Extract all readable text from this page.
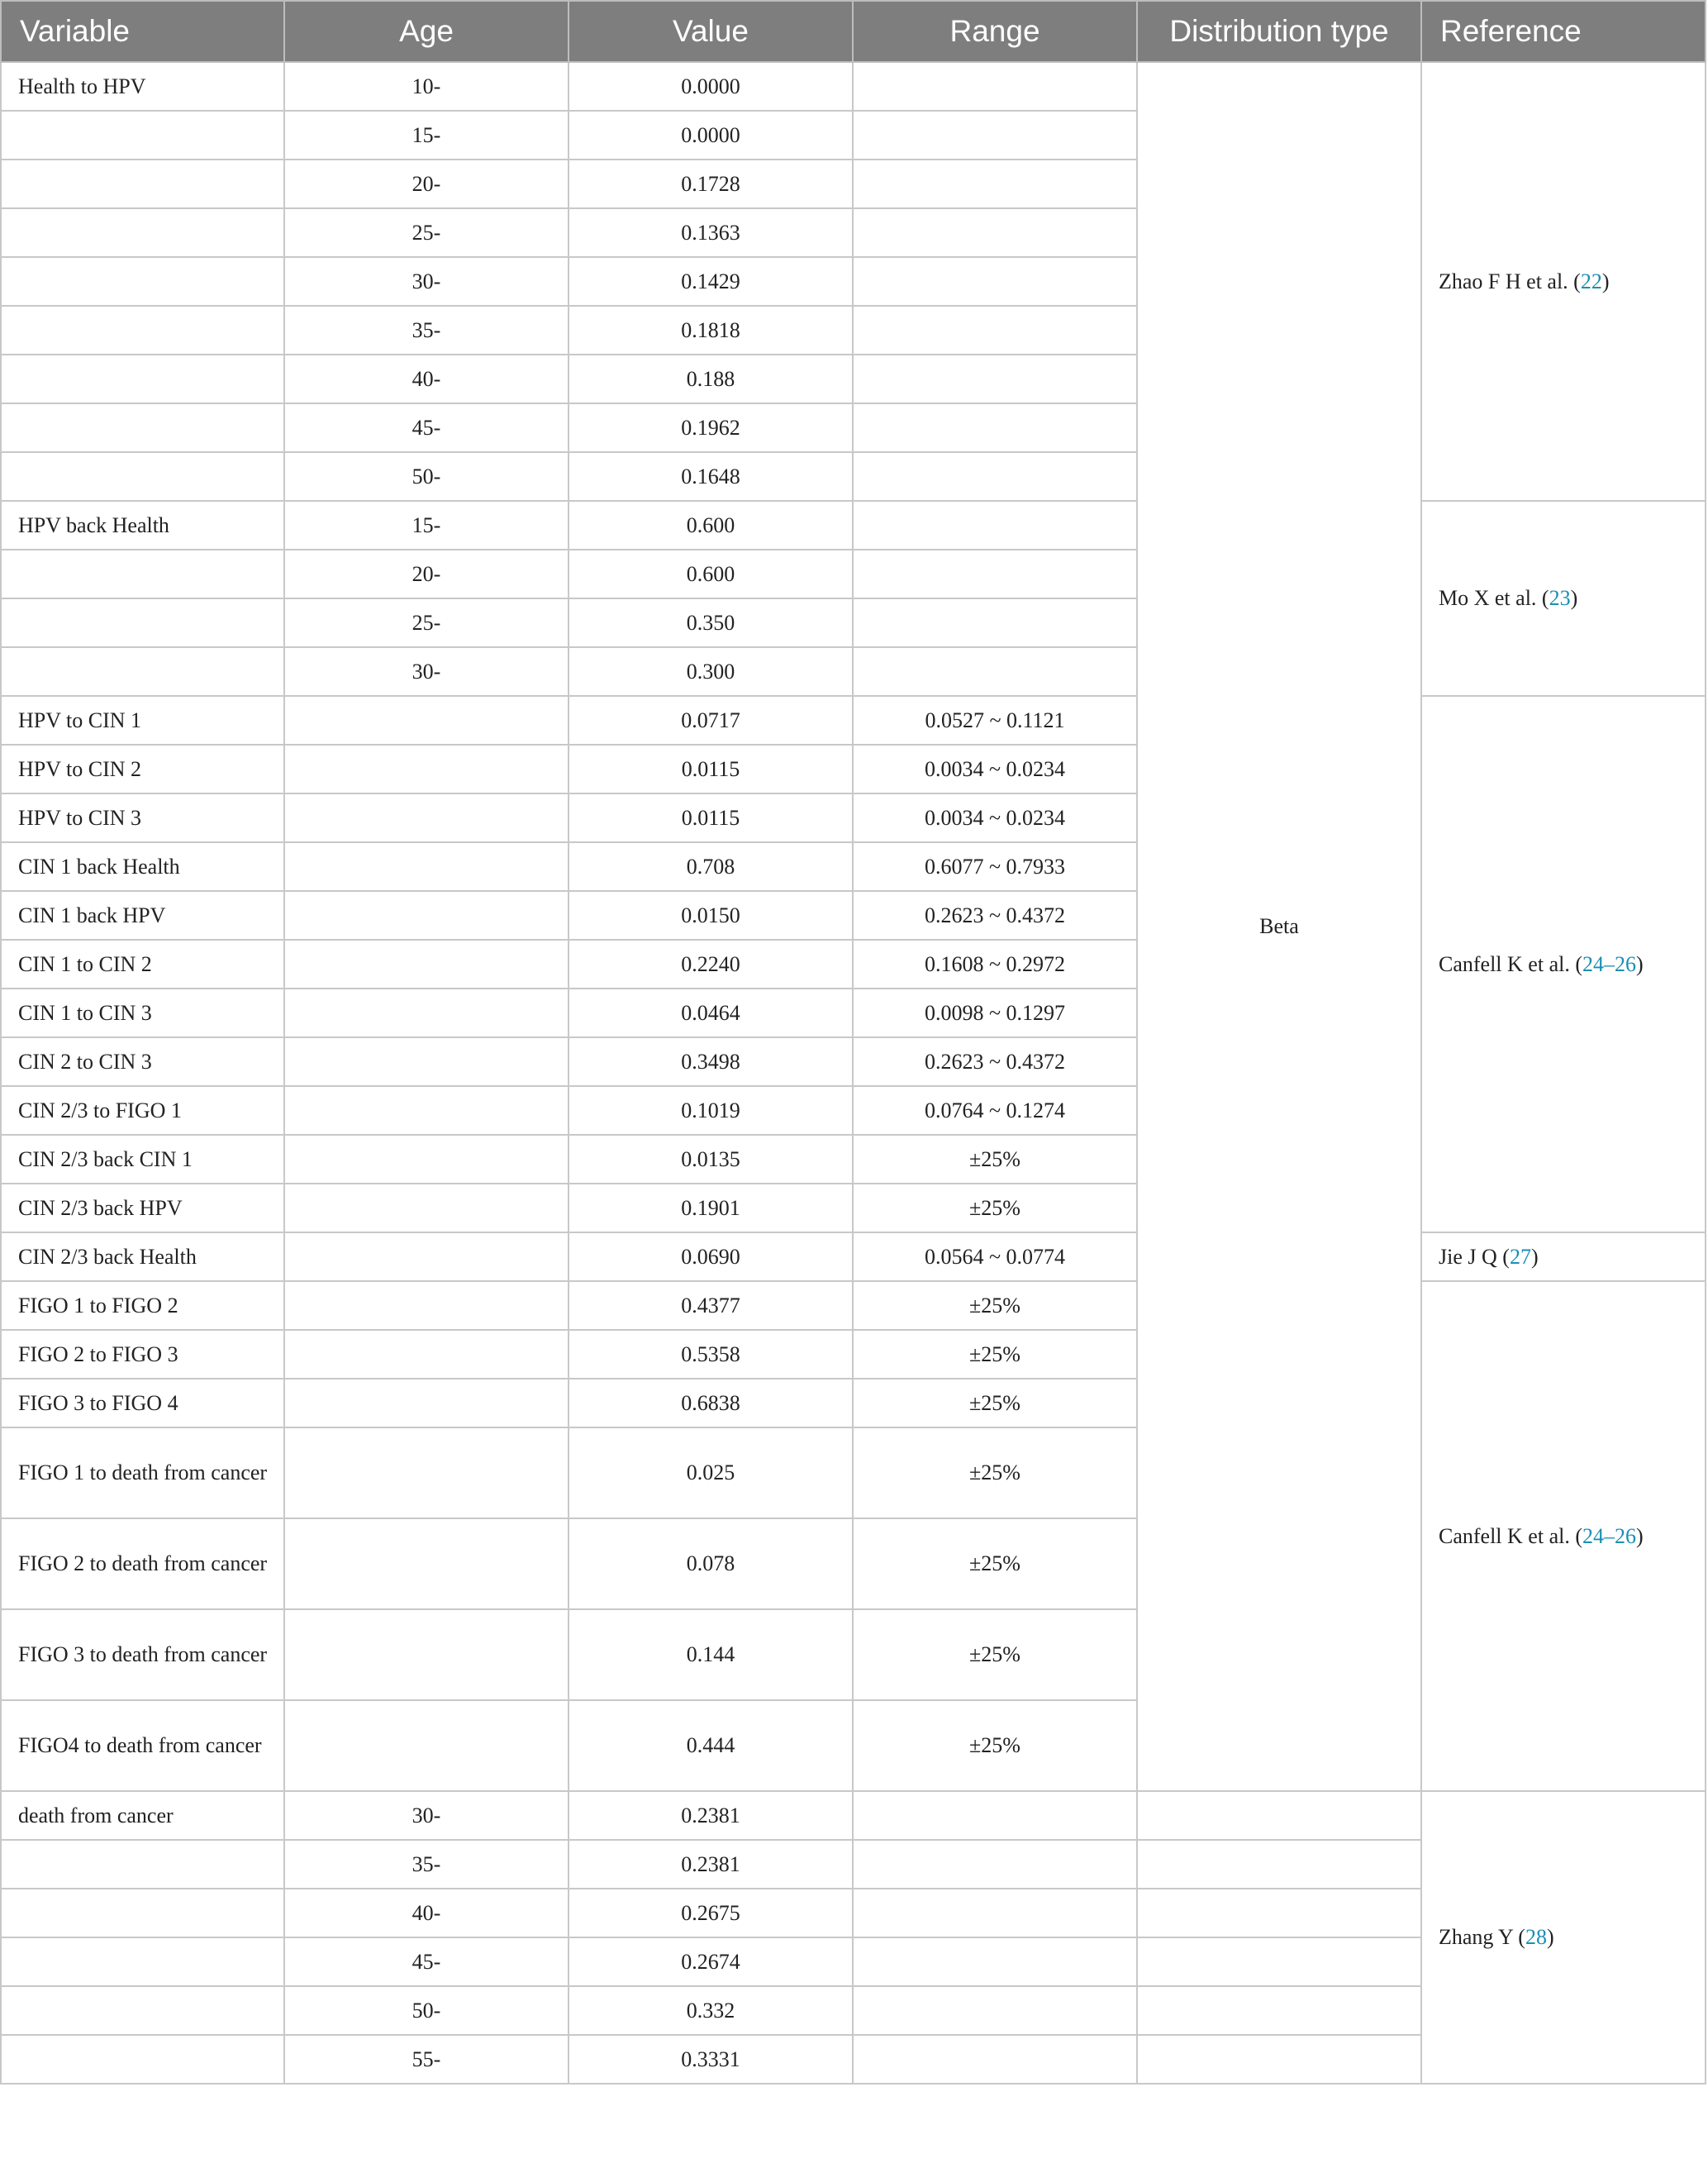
Variable	Age	Value	Range	Distribution type	Reference
Health to HPV	10-	0.0000		Beta	Zhao F H et al. (22)
	15-	0.0000			
	20-	0.1728			
	25-	0.1363			
	30-	0.1429			
	35-	0.1818			
	40-	0.188			
	45-	0.1962			
	50-	0.1648			
HPV back Health	15-	0.600			Mo X et al. (23)
	20-	0.600			
	25-	0.350			
	30-	0.300			
HPV to CIN 1		0.0717	0.0527 ~ 0.1121		Canfell K et al. (24–26)
HPV to CIN 2		0.0115	0.0034 ~ 0.0234		
HPV to CIN 3		0.0115	0.0034 ~ 0.0234		
CIN 1 back Health		0.708	0.6077 ~ 0.7933		
CIN 1 back HPV		0.0150	0.2623 ~ 0.4372		
CIN 1 to CIN 2		0.2240	0.1608 ~ 0.2972		
CIN 1 to CIN 3		0.0464	0.0098 ~ 0.1297		
CIN 2 to CIN 3		0.3498	0.2623 ~ 0.4372		
CIN 2/3 to FIGO 1		0.1019	0.0764 ~ 0.1274		
CIN 2/3 back CIN 1		0.0135	±25%		
CIN 2/3 back HPV		0.1901	±25%		
CIN 2/3 back Health		0.0690	0.0564 ~ 0.0774		Jie J Q (27)
FIGO 1 to FIGO 2		0.4377	±25%		Canfell K et al. (24–26)
FIGO 2 to FIGO 3		0.5358	±25%		
FIGO 3 to FIGO 4		0.6838	±25%		
FIGO 1 to death from cancer		0.025	±25%		
FIGO 2 to death from cancer		0.078	±25%		
FIGO 3 to death from cancer		0.144	±25%		
FIGO4 to death from cancer		0.444	±25%		
death from cancer	30-	0.2381			Zhang Y (28)
	35-	0.2381			
	40-	0.2675			
	45-	0.2674			
	50-	0.332			
	55-	0.3331			
